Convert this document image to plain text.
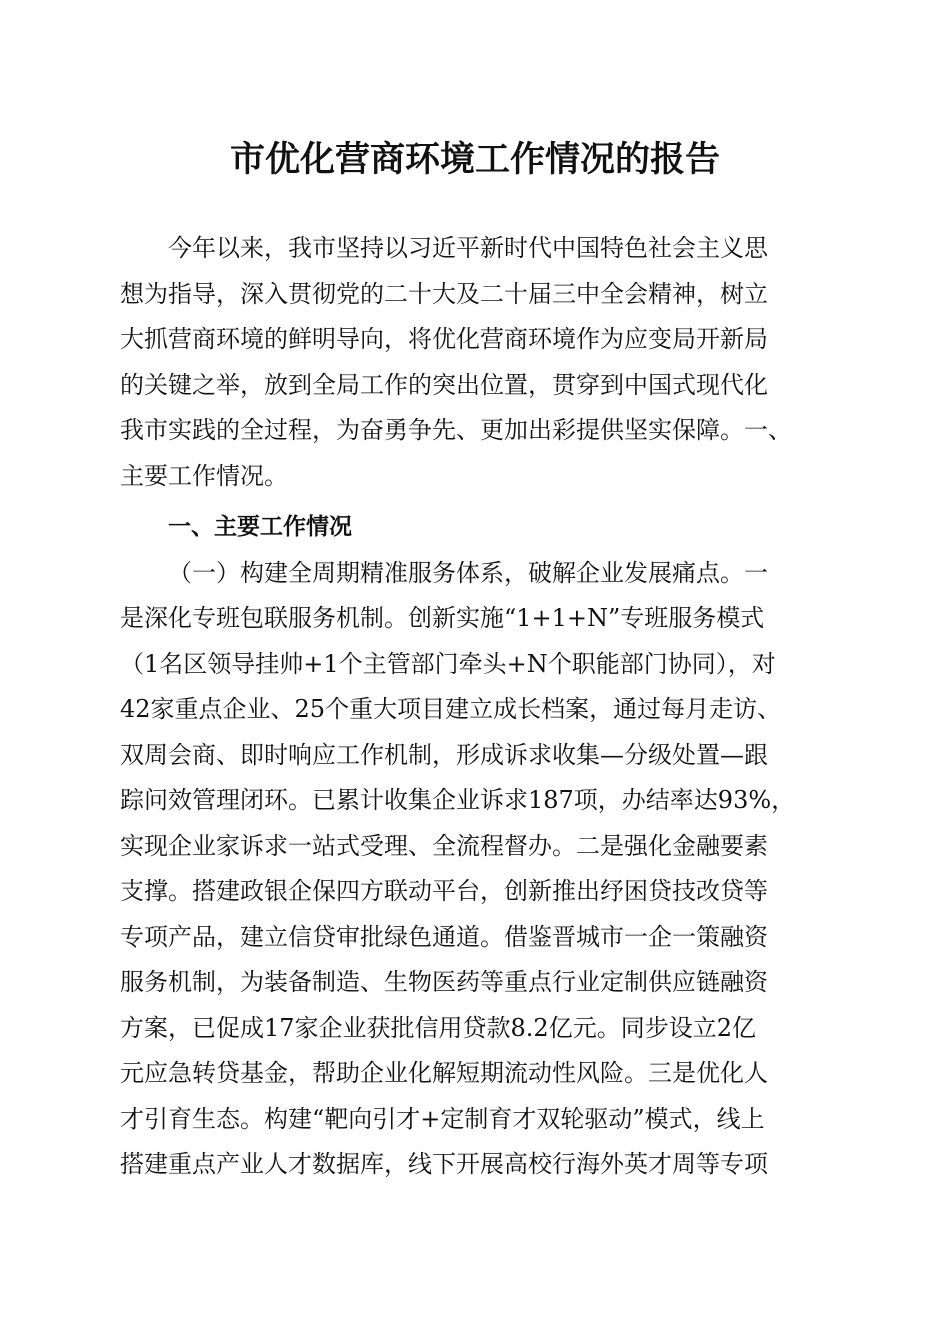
市优化营商环境工作情况的报告
今年以来，我市坚持以习近平新时代中国特色社会主义思
想为指导，深入贯彻党的二十大及二十届三中全会精神，树立
大抓营商环境的鲜明导向，将优化营商环境作为应变局开新局
的关键之举，放到全局工作的突出位置，贯穿到中国式现代化
我市实践的全过程，为奋勇争先、更加出彩提供坚实保障。一、
主要工作情况。
一、主要工作情况
（一）构建全周期精准服务体系，破解企业发展痛点。一
是深化专班包联服务机制。创新实施“1+1+N”专班服务模式
（1名区领导挂帅+1个主管部门牵头+N个职能部门协同），对
42家重点企业、25个重大项目建立成长档案，通过每月走访、
双周会商、即时响应工作机制，形成诉求收集—分级处置—跟
踪问效管理闭环。已累计收集企业诉求187项，办结率达93%，
实现企业家诉求一站式受理、全流程督办。二是强化金融要素
支撑。搭建政银企保四方联动平台，创新推出纾困贷技改贷等
专项产品，建立信贷审批绿色通道。借鉴晋城市一企一策融资
服务机制，为装备制造、生物医药等重点行业定制供应链融资
方案，已促成17家企业获批信用贷款8.2亿元。同步设立2亿
元应急转贷基金，帮助企业化解短期流动性风险。三是优化人
才引育生态。构建“靶向引才+定制育才双轮驱动”模式，线上
搭建重点产业人才数据库，线下开展高校行海外英才周等专项
